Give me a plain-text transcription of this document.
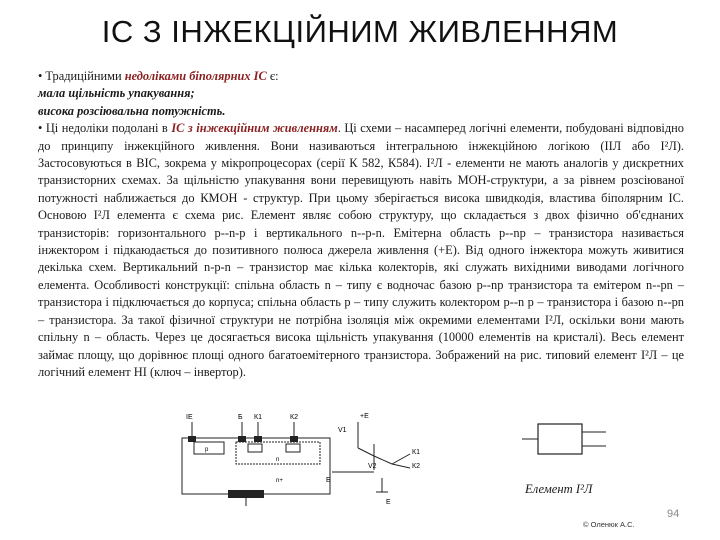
ІС З ІНЖЕКЦІЙНИМ ЖИВЛЕННЯМ

• Традиційними недоліками біполярних ІС є:

мала щільність упакування;

висока розсіювальна потужність.

• Ці недоліки подолані в ІС з інжекційним живленням. Ці схеми – насамперед логічні елементи, побудовані відповідно до принципу інжекційного живлення. Вони називаються інтегральною інжекційною логікою (ІІЛ або І²Л). Застосовуються в ВІС, зокрема у мікропроцесорах (серії К 582, К584). І²Л - елементи не мають аналогів у дискретних транзисторних схемах. За щільністю упакування вони перевищують навіть МОН-структури, а за рівнем розсіюваної потужності наближається до КМОН - структур. При цьому зберігається висока швидкодія, властива біполярним ІС. Основою І²Л елемента є схема рис. Елемент являє собою структуру, що складається з двох фізично об'єднаних транзисторів: горизонтального p--n-p і вертикального n--p-n. Емітерна область p--np – транзистора називається інжектором і підкаюдається до позитивного полюса джерела живлення (+Е). Від одного інжектора можуть живитися декілька схем. Вертикальний n-p-n – транзистор має кілька колекторів, які служать вихідними виводами логічного елемента. Особливості конструкції: спільна область n – типу є водночас базою p--np транзистора та емітером n--pn – транзистора і підключається до корпуса; спільна область p – типу служить колектором p--n p – транзистора і базою n--pn – транзистора. За такої фізичної структури не потрібна ізоляція між окремими елементами І²Л, оскільки вони мають спільну n – область. Через це досягається висока щільність упакування (10000 елементів на кристалі). Весь елемент займає площу, що дорівнює площі одного багатоемітерного транзистора. Зображений на рис. типовий елемент І²Л – це логічний елемент НІ (ключ – інвертор).

ІЕ	Б К1	К2
p
n
n+
+E
V1
V2
К1
К2
Б
Е
Елемент І²Л
94
© Оленюк А.С.
